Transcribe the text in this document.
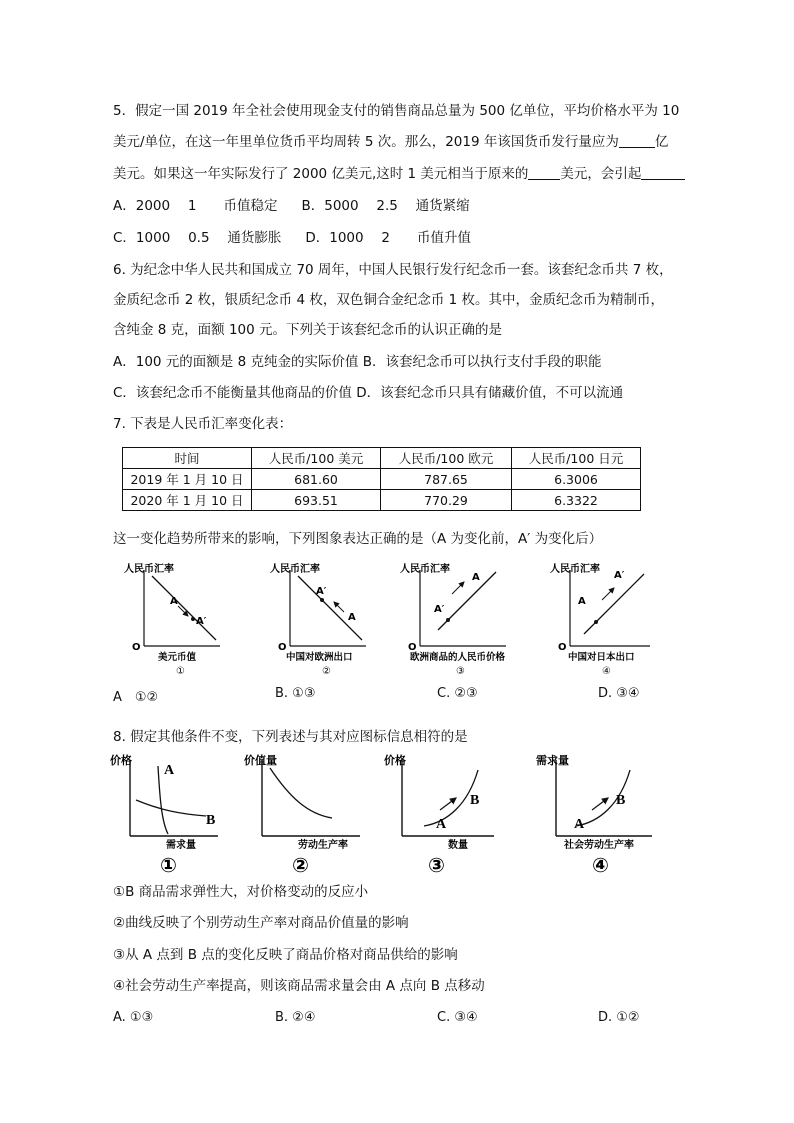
5．假定一国 2019 年全社会使用现金支付的销售商品总量为 500 亿单位，平均价格水平为 10
美元/单位，在这一年里单位货币平均周转 5 次。那么，2019 年该国货币发行量应为	亿
美元。如果这一年实际发行了 2000 亿美元,这时 1 美元相当于原来的 美元，会引起
A．2000　 1　　币值稳定 B．5000　 2.5　 通货紧缩
C．1000　 0.5　 通货膨胀 D．1000　 2　　币值升值
6. 为纪念中华人民共和国成立 70 周年，中国人民银行发行纪念币一套。该套纪念币共 7 枚，
金质纪念币 2 枚，银质纪念币 4 枚，双色铜合金纪念币 1 枚。其中，金质纪念币为精制币，
含纯金 8 克，面额 100 元。下列关于该套纪念币的认识正确的是
A．100 元的面额是 8 克纯金的实际价值 B．该套纪念币可以执行支付手段的职能
C．该套纪念币不能衡量其他商品的价值 D．该套纪念币只具有储藏价值，不可以流通
7. 下表是人民币汇率变化表：
时间	人民币/100 美元	人民币/100 欧元	人民币/100 日元
2019 年 1 月 10 日	681.60	787.65	6.3006
2020 年 1 月 10 日	693.51	770.29	6.3322
这一变化趋势所带来的影响，下列图象表达正确的是（A 为变化前，A′ 为变化后）
人民币汇率
O
A
A′
美元币值
①
人民币汇率
O
A′
A
中国对欧洲出口
②
人民币汇率
O
A′
A
欧洲商品的人民币价格
③
人民币汇率
O
A
A′
中国对日本出口
④
A　①②	B. ①③	C. ②③	D. ③④
8. 假定其他条件不变，下列表述与其对应图标信息相符的是
价格
A
B
需求量
①
价值量
劳动生产率
②
价格
A
B
数量
③
需求量
A
B
社会劳动生产率
④
①B 商品需求弹性大，对价格变动的反应小
②曲线反映了个别劳动生产率对商品价值量的影响
③从 A 点到 B 点的变化反映了商品价格对商品供给的影响
④社会劳动生产率提高，则该商品需求量会由 A 点向 B 点移动
A. ①③	B. ②④	C. ③④	D. ①②
